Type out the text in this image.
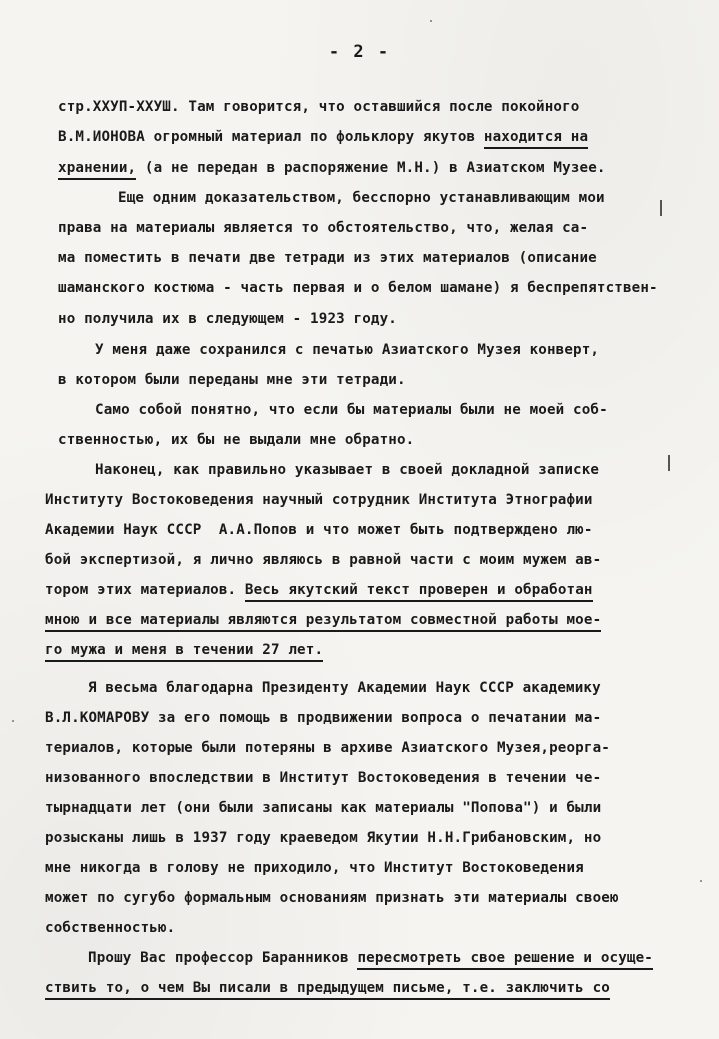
- 2 -
стр.XXУП-XXУШ. Там говорится, что оставшийся после покойного
В.М.ИОНОВА огромный материал по фольклору якутов находится на
хранении, (а не передан в распоряжение М.Н.) в Азиатском Музее.
Еще одним доказательством, бесспорно устанавливающим мои
права на материалы является то обстоятельство, что, желая са-
ма поместить в печати две тетради из этих материалов (описание
шаманского костюма - часть первая и о белом шамане) я беспрепятствен-
но получила их в следующем - 1923 году.
У меня даже сохранился с печатью Азиатского Музея конверт,
в котором были переданы мне эти тетради.
Само собой понятно, что если бы материалы были не моей соб-
ственностью, их бы не выдали мне обратно.
Наконец, как правильно указывает в своей докладной записке
Институту Востоковедения научный сотрудник Института Этнографии
Академии Наук СССР  А.А.Попов и что может быть подтверждено лю-
бой экспертизой, я лично являюсь в равной части с моим мужем ав-
тором этих материалов. Весь якутский текст проверен и обработан
мною и все материалы являются результатом совместной работы мое-
го мужа и меня в течении 27 лет.
Я весьма благодарна Президенту Академии Наук СССР академику
В.Л.КОМАРОВУ за его помощь в продвижении вопроса о печатании ма-
териалов, которые были потеряны в архиве Азиатского Музея,реорга-
низованного впоследствии в Институт Востоковедения в течении че-
тырнадцати лет (они были записаны как материалы "Попова") и были
розысканы лишь в 1937 году краеведом Якутии Н.Н.Грибановским, но
мне никогда в голову не приходило, что Институт Востоковедения
может по сугубо формальным основаниям признать эти материалы своею
собственностью.
Прошу Вас профессор Баранников пересмотреть свое решение и осуще-
ствить то, о чем Вы писали в предыдущем письме, т.е. заключить со
